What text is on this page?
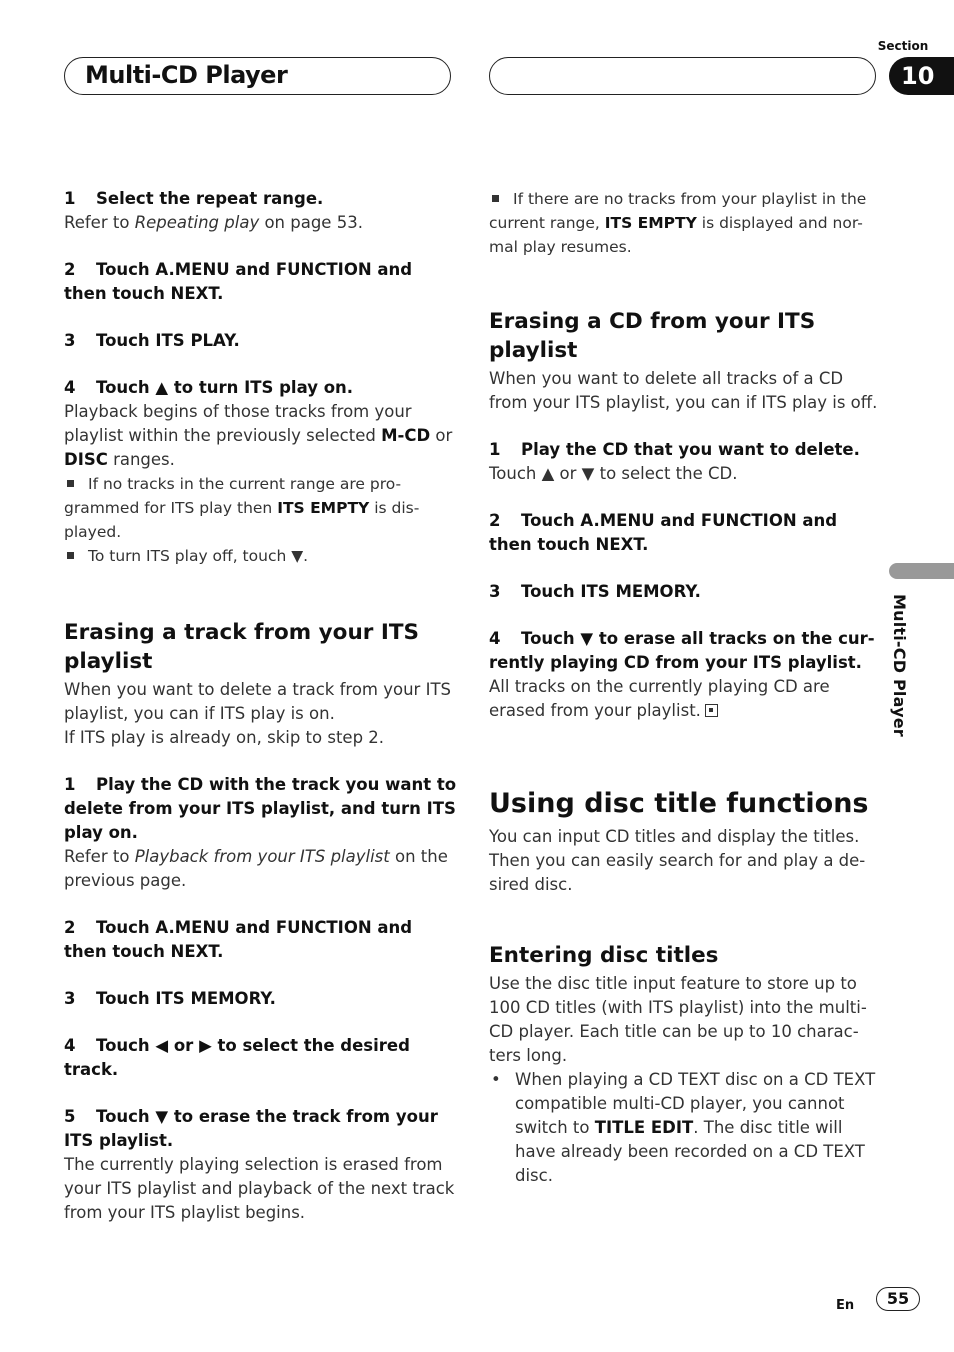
Multi-CD Player
Section
10
Multi-CD Player
1 Select the repeat range.
Refer to Repeating play on page 53.
2 Touch A.MENU and FUNCTION and then touch NEXT.
3 Touch ITS PLAY.
4 Touch ▲ to turn ITS play on.
Playback begins of those tracks from your playlist within the previously selected M-CD or DISC ranges.
If no tracks in the current range are pro-grammed for ITS play then ITS EMPTY is dis-played.
To turn ITS play off, touch ▼.
Erasing a track from your ITS playlist
When you want to delete a track from your ITS playlist, you can if ITS play is on.
If ITS play is already on, skip to step 2.
1 Play the CD with the track you want to delete from your ITS playlist, and turn ITS play on.
Refer to Playback from your ITS playlist on the previous page.
2 Touch A.MENU and FUNCTION and then touch NEXT.
3 Touch ITS MEMORY.
4 Touch ◀ or ▶ to select the desired track.
5 Touch ▼ to erase the track from your ITS playlist.
The currently playing selection is erased from your ITS playlist and playback of the next track from your ITS playlist begins.
If there are no tracks from your playlist in the current range, ITS EMPTY is displayed and nor-mal play resumes.
Erasing a CD from your ITS playlist
When you want to delete all tracks of a CD from your ITS playlist, you can if ITS play is off.
1 Play the CD that you want to delete.
Touch ▲ or ▼ to select the CD.
2 Touch A.MENU and FUNCTION and then touch NEXT.
3 Touch ITS MEMORY.
4 Touch ▼ to erase all tracks on the cur-rently playing CD from your ITS playlist.
All tracks on the currently playing CD are erased from your playlist.
Using disc title functions
You can input CD titles and display the titles. Then you can easily search for and play a de-sired disc.
Entering disc titles
Use the disc title input feature to store up to 100 CD titles (with ITS playlist) into the multi-CD player. Each title can be up to 10 charac-ters long.
• When playing a CD TEXT disc on a CD TEXT compatible multi-CD player, you cannot switch to TITLE EDIT. The disc title will have already been recorded on a CD TEXT disc.
En	55
